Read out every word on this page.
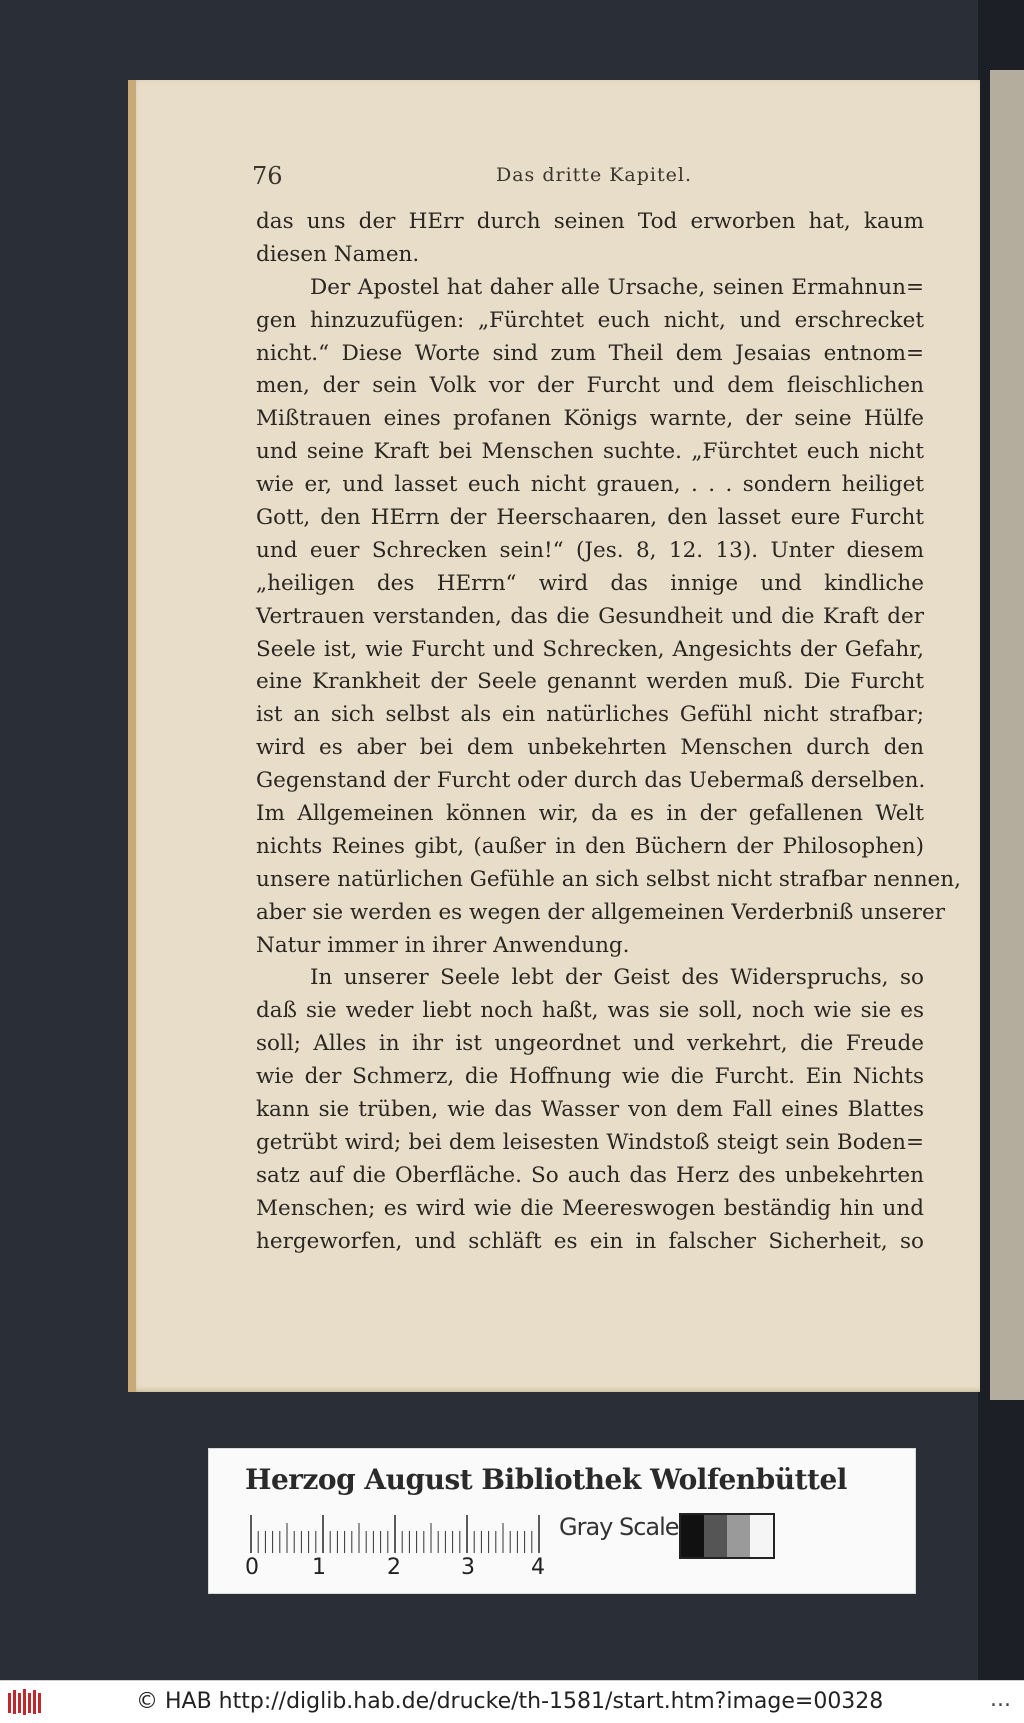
76	Das dritte Kapitel.
das uns der HErr durch seinen Tod erworben hat, kaum
diesen Namen.
Der Apostel hat daher alle Ursache, seinen Ermahnun=
gen hinzuzufügen: „Fürchtet euch nicht, und erschrecket
nicht.“ Diese Worte sind zum Theil dem Jesaias entnom=
men, der sein Volk vor der Furcht und dem fleischlichen
Mißtrauen eines profanen Königs warnte, der seine Hülfe
und seine Kraft bei Menschen suchte. „Fürchtet euch nicht
wie er, und lasset euch nicht grauen, . . . sondern heiliget
Gott, den HErrn der Heerschaaren, den lasset eure Furcht
und euer Schrecken sein!“ (Jes. 8, 12. 13). Unter diesem
„heiligen des HErrn“ wird das innige und kindliche
Vertrauen verstanden, das die Gesundheit und die Kraft der
Seele ist, wie Furcht und Schrecken, Angesichts der Gefahr,
eine Krankheit der Seele genannt werden muß. Die Furcht
ist an sich selbst als ein natürliches Gefühl nicht strafbar;
wird es aber bei dem unbekehrten Menschen durch den
Gegenstand der Furcht oder durch das Uebermaß derselben.
Im Allgemeinen können wir, da es in der gefallenen Welt
nichts Reines gibt, (außer in den Büchern der Philosophen)
unsere natürlichen Gefühle an sich selbst nicht strafbar nennen,
aber sie werden es wegen der allgemeinen Verderbniß unserer
Natur immer in ihrer Anwendung.
In unserer Seele lebt der Geist des Widerspruchs, so
daß sie weder liebt noch haßt, was sie soll, noch wie sie es
soll; Alles in ihr ist ungeordnet und verkehrt, die Freude
wie der Schmerz, die Hoffnung wie die Furcht. Ein Nichts
kann sie trüben, wie das Wasser von dem Fall eines Blattes
getrübt wird; bei dem leisesten Windstoß steigt sein Boden=
satz auf die Oberfläche. So auch das Herz des unbekehrten
Menschen; es wird wie die Meereswogen beständig hin und
hergeworfen, und schläft es ein in falscher Sicherheit, so
Herzog August Bibliothek Wolfenbüttel
0 1	2	3	4
Gray Scale
© HAB http://diglib.hab.de/drucke/th-1581/start.htm?image=00328	...
